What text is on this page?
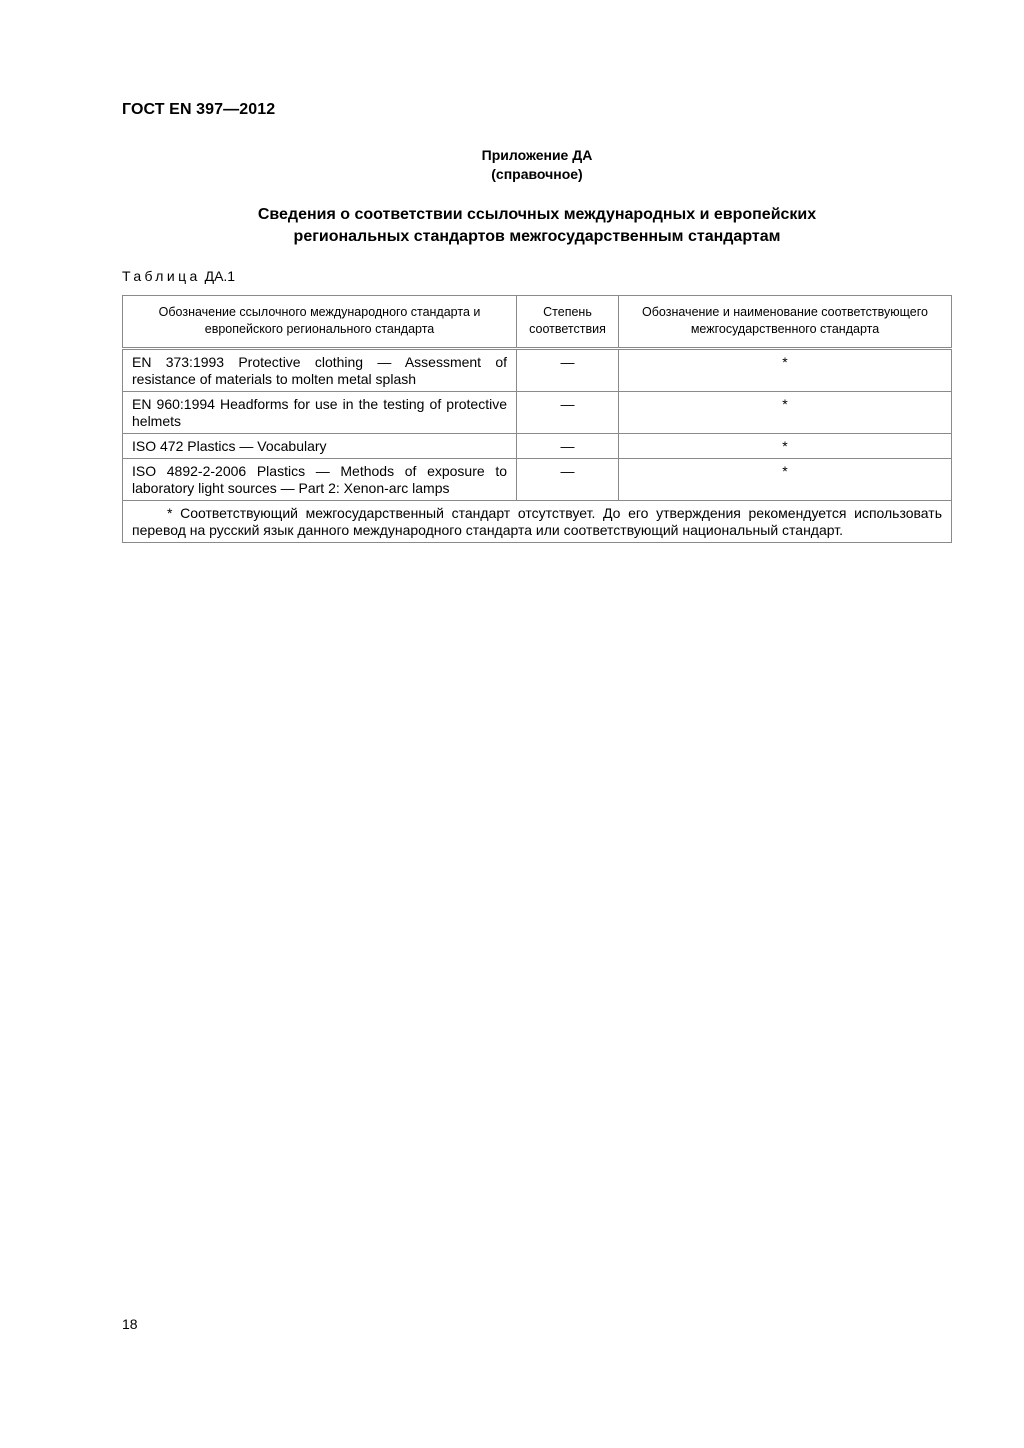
ГОСТ EN 397—2012
Приложение ДА
(справочное)
Сведения о соответствии ссылочных международных и европейских
региональных стандартов межгосударственным стандартам
Таблица ДА.1
Обозначение ссылочного международного стандарта и европейского регионального стандарта	Степень соответствия	Обозначение и наименование соответствующего межгосударственного стандарта
EN 373:1993 Protective clothing — Assessment of resistance of materials to molten metal splash	—	*
EN 960:1994 Headforms for use in the testing of protective helmets	—	*
ISO 472 Plastics — Vocabulary	—	*
ISO 4892-2-2006 Plastics — Methods of exposure to laboratory light sources — Part 2: Xenon-arc lamps	—	*
* Соответствующий межгосударственный стандарт отсутствует. До его утверждения рекомендуется использовать перевод на русский язык данного международного стандарта или соответствующий национальный стандарт.		
18
